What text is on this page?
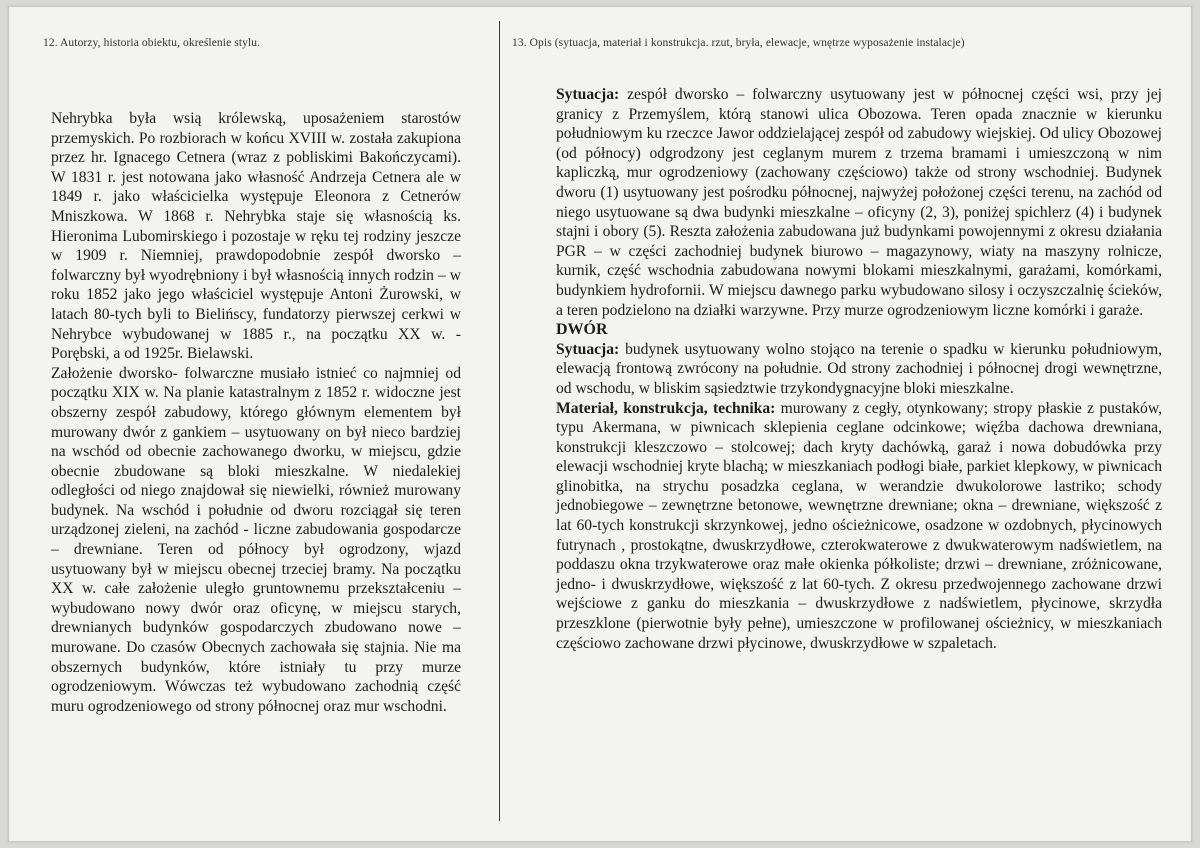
12. Autorzy, historia obiektu, określenie stylu.	13. Opis (sytuacja, materiał i konstrukcja. rzut, bryła, elewacje, wnętrze wyposażenie instalacje)

Nehrybka była wsią królewską, uposażeniem starostów przemyskich. Po rozbiorach w końcu XVIII w. została zakupiona przez hr. Ignacego Cetnera (wraz z pobliskimi Bakończycami). W 1831 r. jest notowana jako własność Andrzeja Cetnera ale w 1849 r. jako właścicielka występuje Eleonora z Cetnerów Mniszkowa. W 1868 r. Nehrybka staje się własnością ks. Hieronima Lubomirskiego i pozostaje w ręku tej rodziny jeszcze w 1909 r. Niemniej, prawdopodobnie zespół dworsko – folwarczny był wyodrębniony i był własnością innych rodzin – w roku 1852 jako jego właściciel występuje Antoni Żurowski, w latach 80-tych byli to Bielińscy, fundatorzy pierwszej cerkwi w Nehrybce wybudowanej w 1885 r., na początku XX w. - Porębski, a od 1925r. Bielawski.

Założenie dworsko- folwarczne musiało istnieć co najmniej od początku XIX w. Na planie katastralnym z 1852 r. widoczne jest obszerny zespół zabudowy, którego głównym elementem był murowany dwór z gankiem – usytuowany on był nieco bardziej na wschód od obecnie zachowanego dworku, w miejscu, gdzie obecnie zbudowane są bloki mieszkalne. W niedalekiej odległości od niego znajdował się niewielki, również murowany budynek. Na wschód i południe od dworu rozciągał się teren urządzonej zieleni, na zachód - liczne zabudowania gospodarcze – drewniane. Teren od północy był ogrodzony, wjazd usytuowany był w miejscu obecnej trzeciej bramy. Na początku XX w. całe założenie uległo gruntownemu przekształceniu – wybudowano nowy dwór oraz oficynę, w miejscu starych, drewnianych budynków gospodarczych zbudowano nowe – murowane. Do czasów Obecnych zachowała się stajnia. Nie ma obszernych budynków, które istniały tu przy murze ogrodzeniowym. Wówczas też wybudowano zachodnią część muru ogrodzeniowego od strony północnej oraz mur wschodni.

Sytuacja: zespół dworsko – folwarczny usytuowany jest w północnej części wsi, przy jej granicy z Przemyślem, którą stanowi ulica Obozowa. Teren opada znacznie w kierunku południowym ku rzeczce Jawor oddzielającej zespół od zabudowy wiejskiej. Od ulicy Obozowej (od północy) odgrodzony jest ceglanym murem z trzema bramami i umieszczoną w nim kapliczką, mur ogrodzeniowy (zachowany częściowo) także od strony wschodniej. Budynek dworu (1) usytuowany jest pośrodku północnej, najwyżej położonej części terenu, na zachód od niego usytuowane są dwa budynki mieszkalne – oficyny (2, 3), poniżej spichlerz (4) i budynek stajni i obory (5). Reszta założenia zabudowana już budynkami powojennymi z okresu działania PGR – w części zachodniej budynek biurowo – magazynowy, wiaty na maszyny rolnicze, kurnik, część wschodnia zabudowana nowymi blokami mieszkalnymi, garażami, komórkami, budynkiem hydrofornii. W miejscu dawnego parku wybudowano silosy i oczyszczalnię ścieków, a teren podzielono na działki warzywne. Przy murze ogrodzeniowym liczne komórki i garaże.

DWÓR

Sytuacja: budynek usytuowany wolno stojąco na terenie o spadku w kierunku południowym, elewacją frontową zwrócony na południe. Od strony zachodniej i północnej drogi wewnętrzne, od wschodu, w bliskim sąsiedztwie trzykondygnacyjne bloki mieszkalne.

Materiał, konstrukcja, technika: murowany z cegły, otynkowany; stropy płaskie z pustaków, typu Akermana, w piwnicach sklepienia ceglane odcinkowe; więźba dachowa drewniana, konstrukcji kleszczowo – stolcowej; dach kryty dachówką, garaż i nowa dobudówka przy elewacji wschodniej kryte blachą; w mieszkaniach podłogi białe, parkiet klepkowy, w piwnicach glinobitka, na strychu posadzka ceglana, w werandzie dwukolorowe lastriko; schody jednobiegowe – zewnętrzne betonowe, wewnętrzne drewniane; okna – drewniane, większość z lat 60-tych konstrukcji skrzynkowej, jedno ościeżnicowe, osadzone w ozdobnych, płycinowych futrynach , prostokątne, dwuskrzydłowe, czterokwaterowe z dwukwaterowym nadświetlem, na poddaszu okna trzykwaterowe oraz małe okienka półkoliste; drzwi – drewniane, zróżnicowane, jedno- i dwuskrzydłowe, większość z lat 60-tych. Z okresu przedwojennego zachowane drzwi wejściowe z ganku do mieszkania – dwuskrzydłowe z nadświetlem, płycinowe, skrzydła przeszklone (pierwotnie były pełne), umieszczone w profilowanej ościeżnicy, w mieszkaniach częściowo zachowane drzwi płycinowe, dwuskrzydłowe w szpaletach.
